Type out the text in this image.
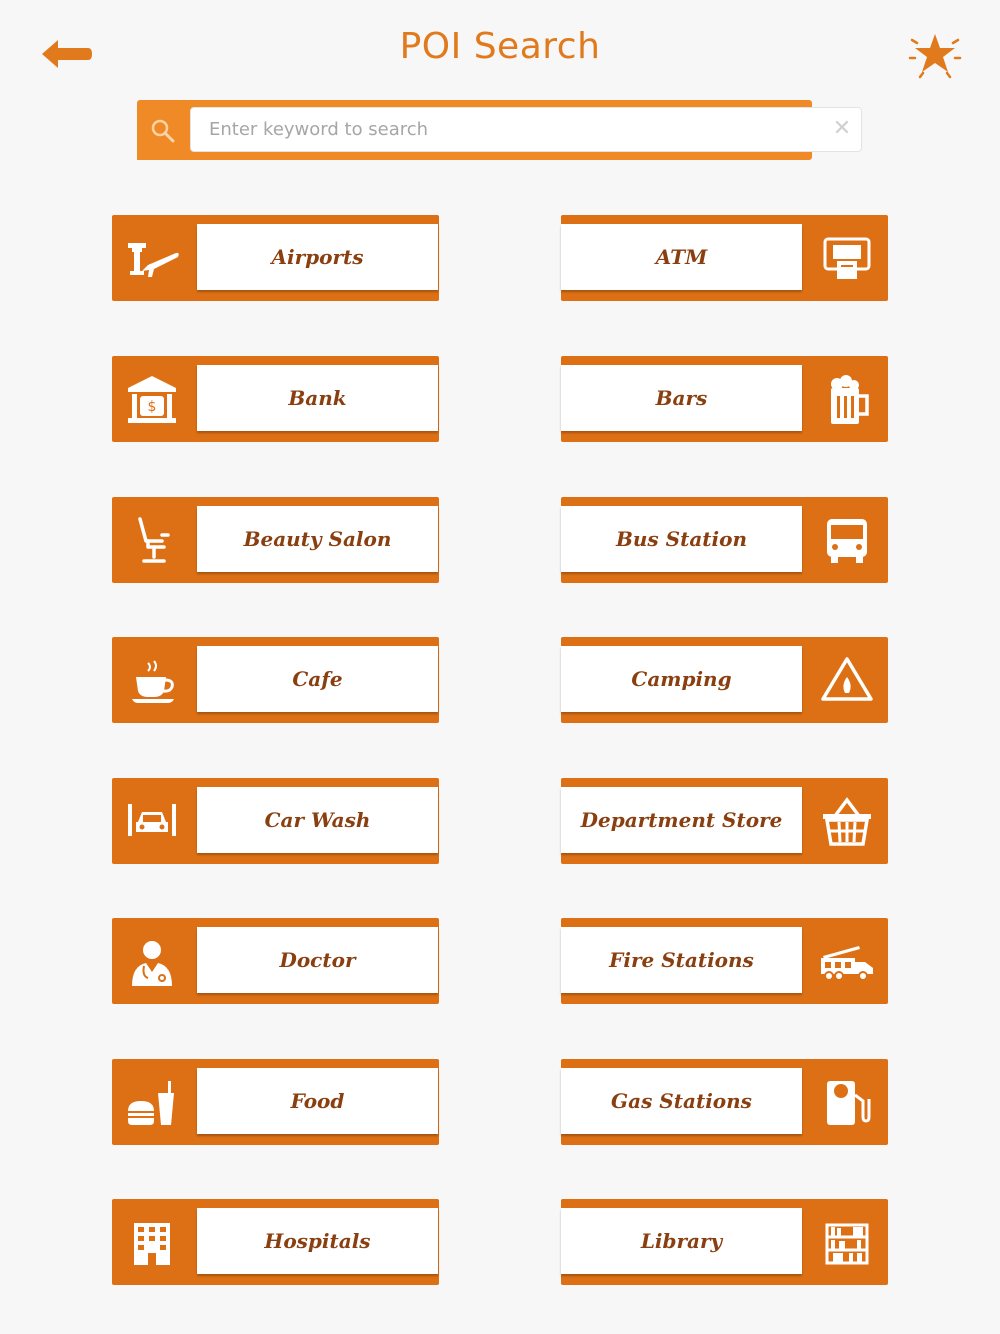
POI Search
Enter keyword to search
✕
Airports
$	Bank
Beauty Salon
Cafe
Car Wash
Doctor
Food
Hospitals
ATM
Bars
Bus Station
Camping
Department Store
Fire Stations
Gas Stations
Library
